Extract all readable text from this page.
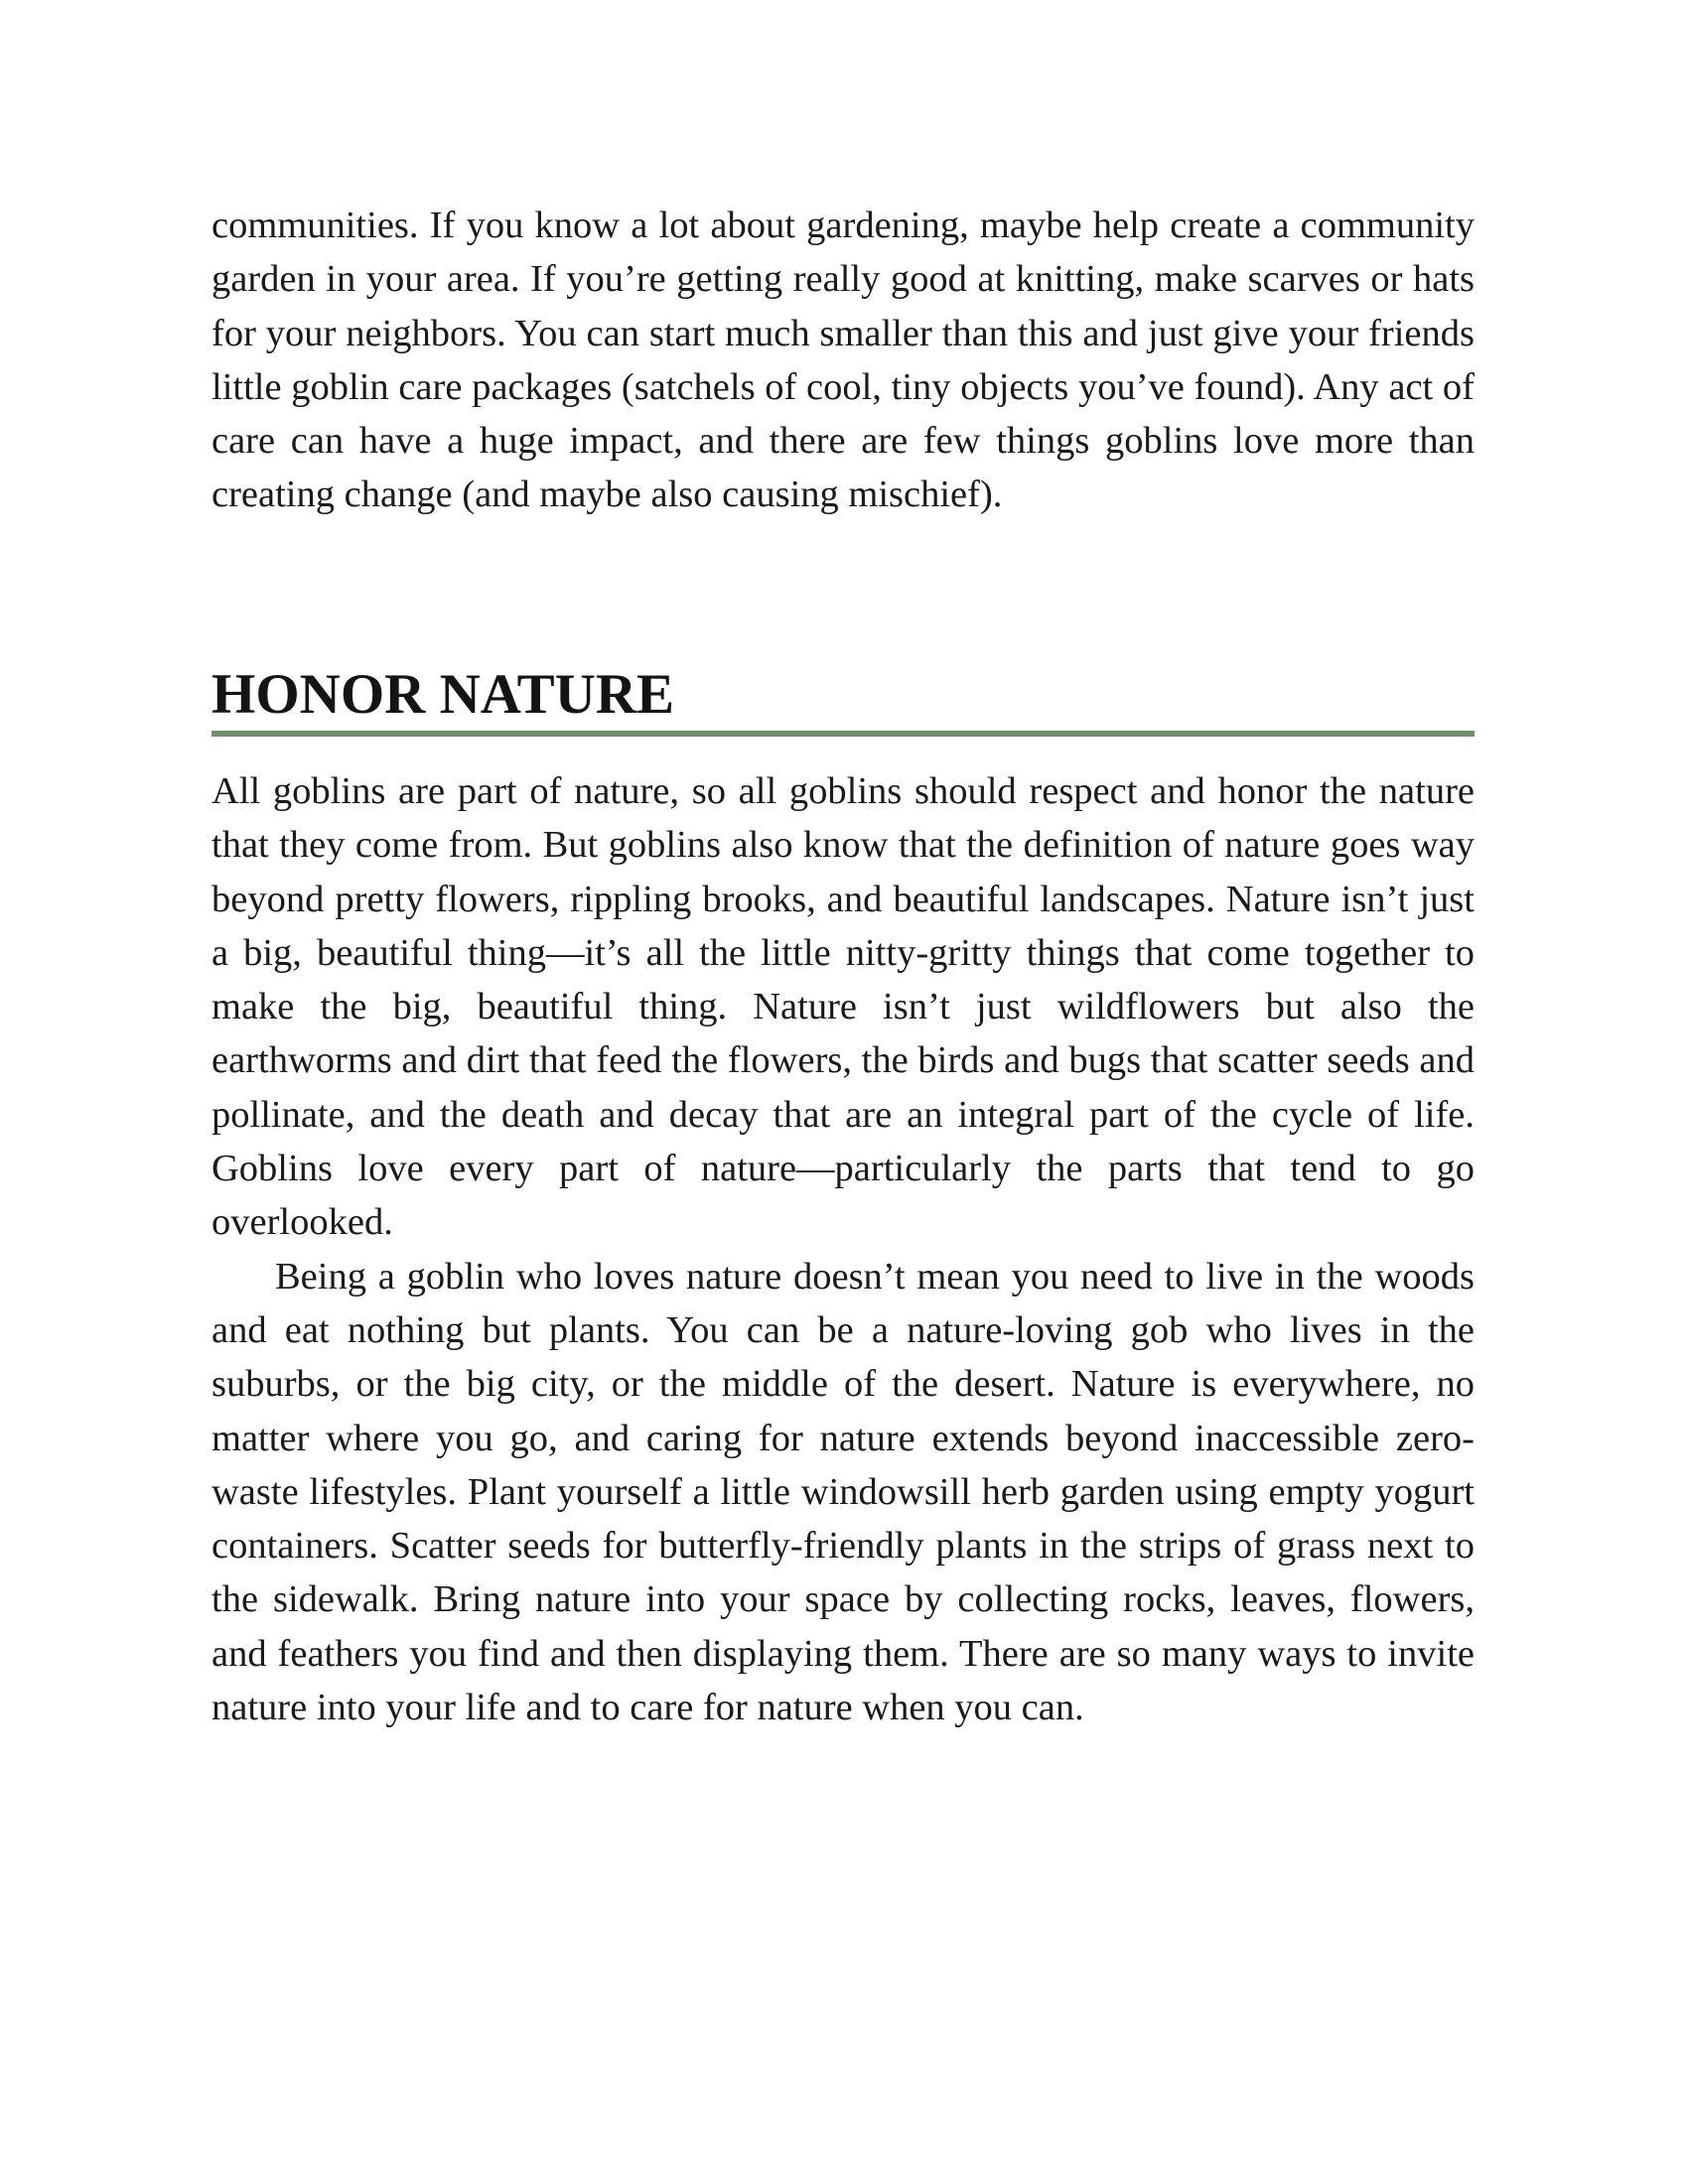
communities. If you know a lot about gardening, maybe help create a community garden in your area. If you’re getting really good at knitting, make scarves or hats for your neighbors. You can start much smaller than this and just give your friends little goblin care packages (satchels of cool, tiny objects you’ve found). Any act of care can have a huge impact, and there are few things goblins love more than creating change (and maybe also causing mischief).

HONOR NATURE

All goblins are part of nature, so all goblins should respect and honor the nature that they come from. But goblins also know that the definition of nature goes way beyond pretty flowers, rippling brooks, and beautiful landscapes. Nature isn’t just a big, beautiful thing—it’s all the little nitty-gritty things that come together to make the big, beautiful thing. Nature isn’t just wildflowers but also the earthworms and dirt that feed the flowers, the birds and bugs that scatter seeds and pollinate, and the death and decay that are an integral part of the cycle of life. Goblins love every part of nature—particularly the parts that tend to go overlooked.

Being a goblin who loves nature doesn’t mean you need to live in the woods and eat nothing but plants. You can be a nature-loving gob who lives in the suburbs, or the big city, or the middle of the desert. Nature is everywhere, no matter where you go, and caring for nature extends beyond inaccessible zero-waste lifestyles. Plant yourself a little windowsill herb garden using empty yogurt containers. Scatter seeds for butterfly-friendly plants in the strips of grass next to the sidewalk. Bring nature into your space by collecting rocks, leaves, flowers, and feathers you find and then displaying them. There are so many ways to invite nature into your life and to care for nature when you can.
